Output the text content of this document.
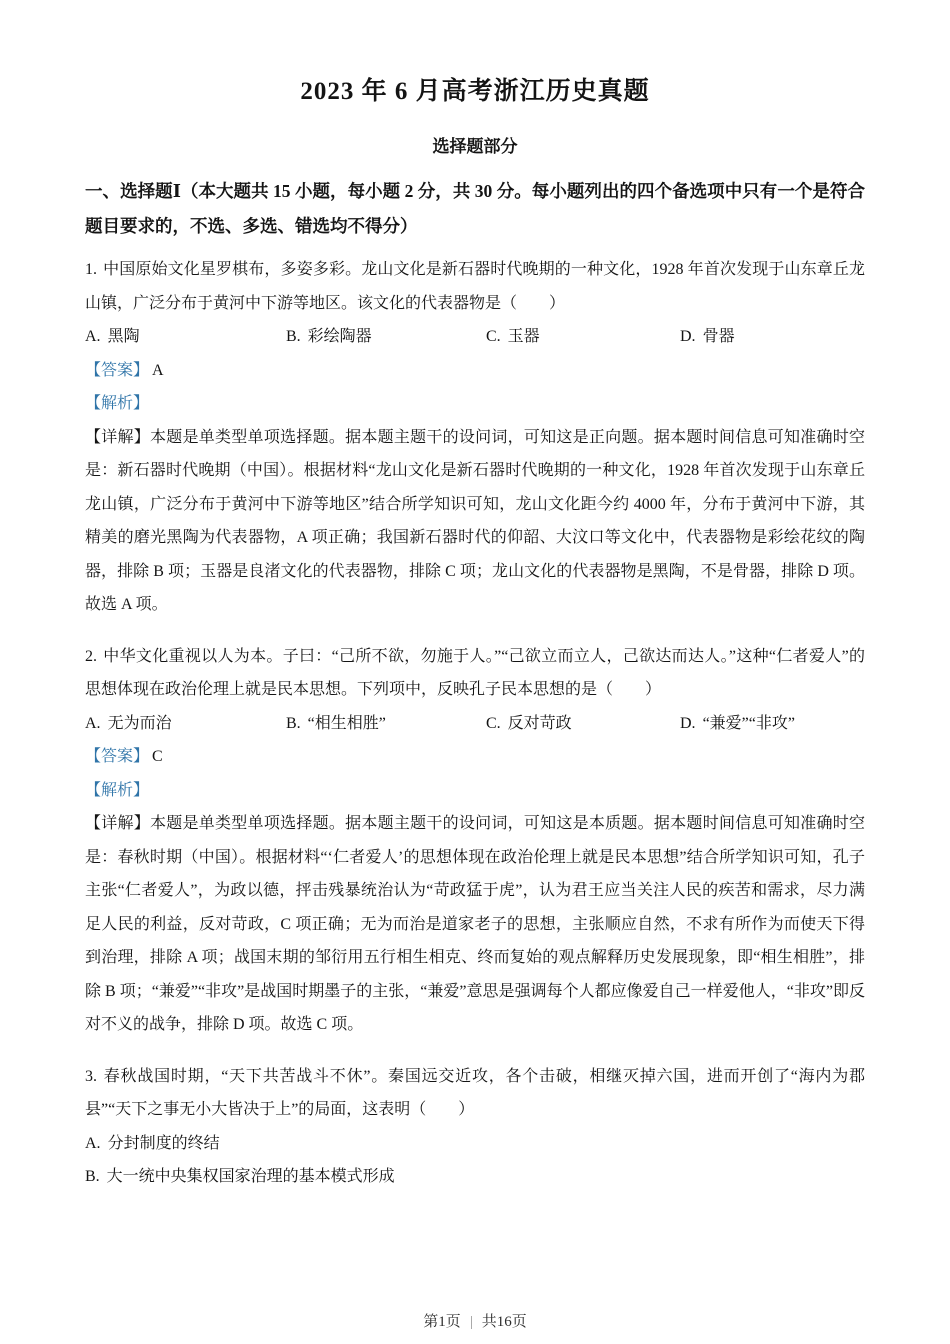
2023 年 6 月高考浙江历史真题
选择题部分

一、选择题Ⅰ（本大题共 15 小题，每小题 2 分，共 30 分。每小题列出的四个备选项中只有一个是符合题目要求的，不选、多选、错选均不得分）

1. 中国原始文化星罗棋布，多姿多彩。龙山文化是新石器时代晚期的一种文化，1928 年首次发现于山东章丘龙山镇，广泛分布于黄河中下游等地区。该文化的代表器物是（　　）

A. 黑陶	B. 彩绘陶器	C. 玉器	D. 骨器

【答案】 A

【解析】

【详解】本题是单类型单项选择题。据本题主题干的设问词，可知这是正向题。据本题时间信息可知准确时空是：新石器时代晚期（中国）。根据材料“龙山文化是新石器时代晚期的一种文化，1928 年首次发现于山东章丘龙山镇，广泛分布于黄河中下游等地区”结合所学知识可知，龙山文化距今约 4000 年，分布于黄河中下游，其精美的磨光黑陶为代表器物，A 项正确；我国新石器时代的仰韶、大汶口等文化中，代表器物是彩绘花纹的陶器，排除 B 项；玉器是良渚文化的代表器物，排除 C 项；龙山文化的代表器物是黑陶，不是骨器，排除 D 项。故选 A 项。

2. 中华文化重视以人为本。子曰：“己所不欲，勿施于人。”“己欲立而立人，己欲达而达人。”这种“仁者爱人”的思想体现在政治伦理上就是民本思想。下列项中，反映孔子民本思想的是（　　）

A. 无为而治	B. “相生相胜”	C. 反对苛政	D. “兼爱”“非攻”

【答案】 C

【解析】

【详解】本题是单类型单项选择题。据本题主题干的设问词，可知这是本质题。据本题时间信息可知准确时空是：春秋时期（中国）。根据材料“‘仁者爱人’的思想体现在政治伦理上就是民本思想”结合所学知识可知，孔子主张“仁者爱人”，为政以德，抨击残暴统治认为“苛政猛于虎”，认为君王应当关注人民的疾苦和需求，尽力满足人民的利益，反对苛政，C 项正确；无为而治是道家老子的思想，主张顺应自然，不求有所作为而使天下得到治理，排除 A 项；战国末期的邹衍用五行相生相克、终而复始的观点解释历史发展现象，即“相生相胜”，排除 B 项；“兼爱”“非攻”是战国时期墨子的主张，“兼爱”意思是强调每个人都应像爱自己一样爱他人，“非攻”即反对不义的战争，排除 D 项。故选 C 项。

3. 春秋战国时期，“天下共苦战斗不休”。秦国远交近攻，各个击破，相继灭掉六国，进而开创了“海内为郡县”“天下之事无小大皆决于上”的局面，这表明（　　）

A. 分封制度的终结

B. 大一统中央集权国家治理的基本模式形成

第1页 | 共16页
